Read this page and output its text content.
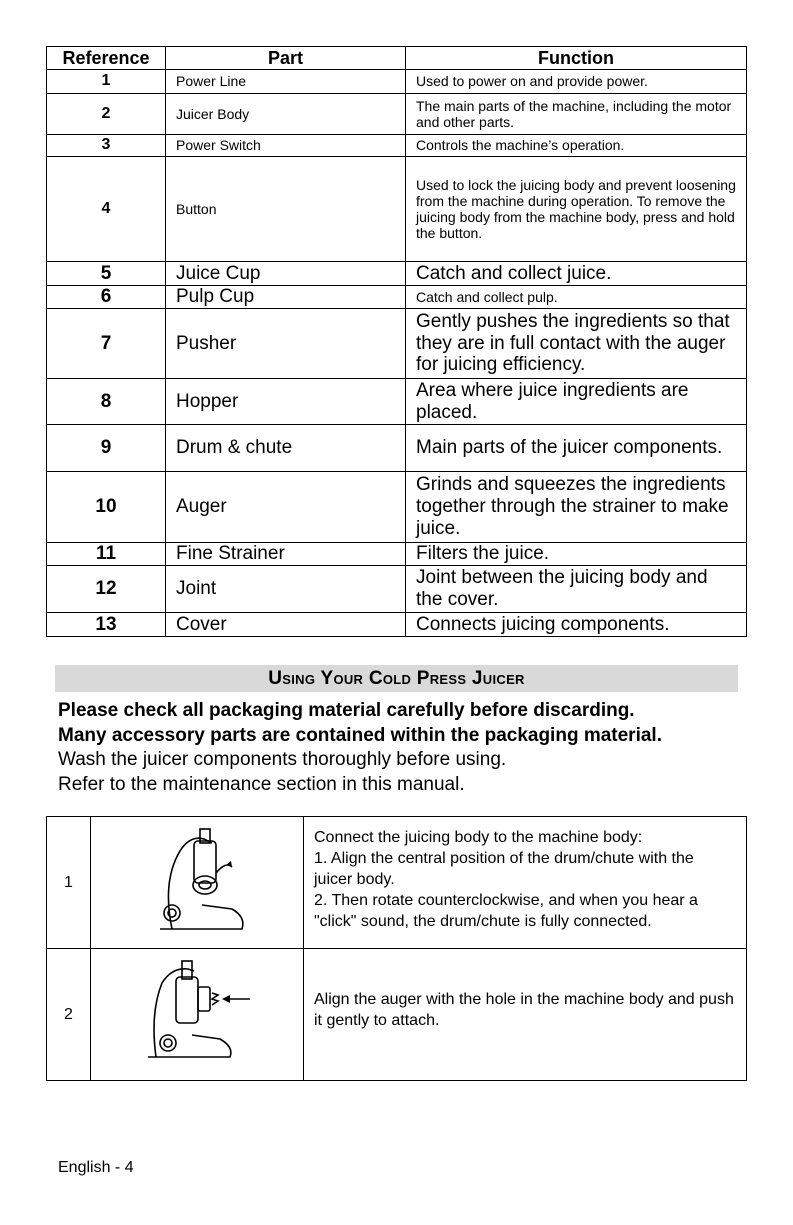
Reference	Part	Function
1	Power Line	Used to power on and provide power.
2	Juicer Body	The main parts of the machine, including the motor and other parts.
3	Power Switch	Controls the machine’s operation.
4	Button	Used to lock the juicing body and prevent loosening from the machine during operation. To remove the juicing body from the machine body, press and hold the button.
5	Juice Cup	Catch and collect juice.
6	Pulp Cup	Catch and collect pulp.
7	Pusher	Gently pushes the ingredients so that they are in full contact with the auger for juicing efficiency.
8	Hopper	Area where juice ingredients are placed.
9	Drum & chute	Main parts of the juicer components.
10	Auger	Grinds and squeezes the ingredients together through the strainer to make juice.
11	Fine Strainer	Filters the juice.
12	Joint	Joint between the juicing body and the cover.
13	Cover	Connects juicing components.
Using Your Cold Press Juicer
Please check all packaging material carefully before discarding.
Many accessory parts are contained within the packaging material.
Wash the juicer components thoroughly before using.
Refer to the maintenance section in this manual.
1		Connect the juicing body to the machine body:
1. Align the central position of the drum/chute with the juicer body.
2. Then rotate counterclockwise, and when you hear a "click" sound, the drum/chute is fully connected.

2		Align the auger with the hole in the machine body and push it gently to attach.
English - 4
